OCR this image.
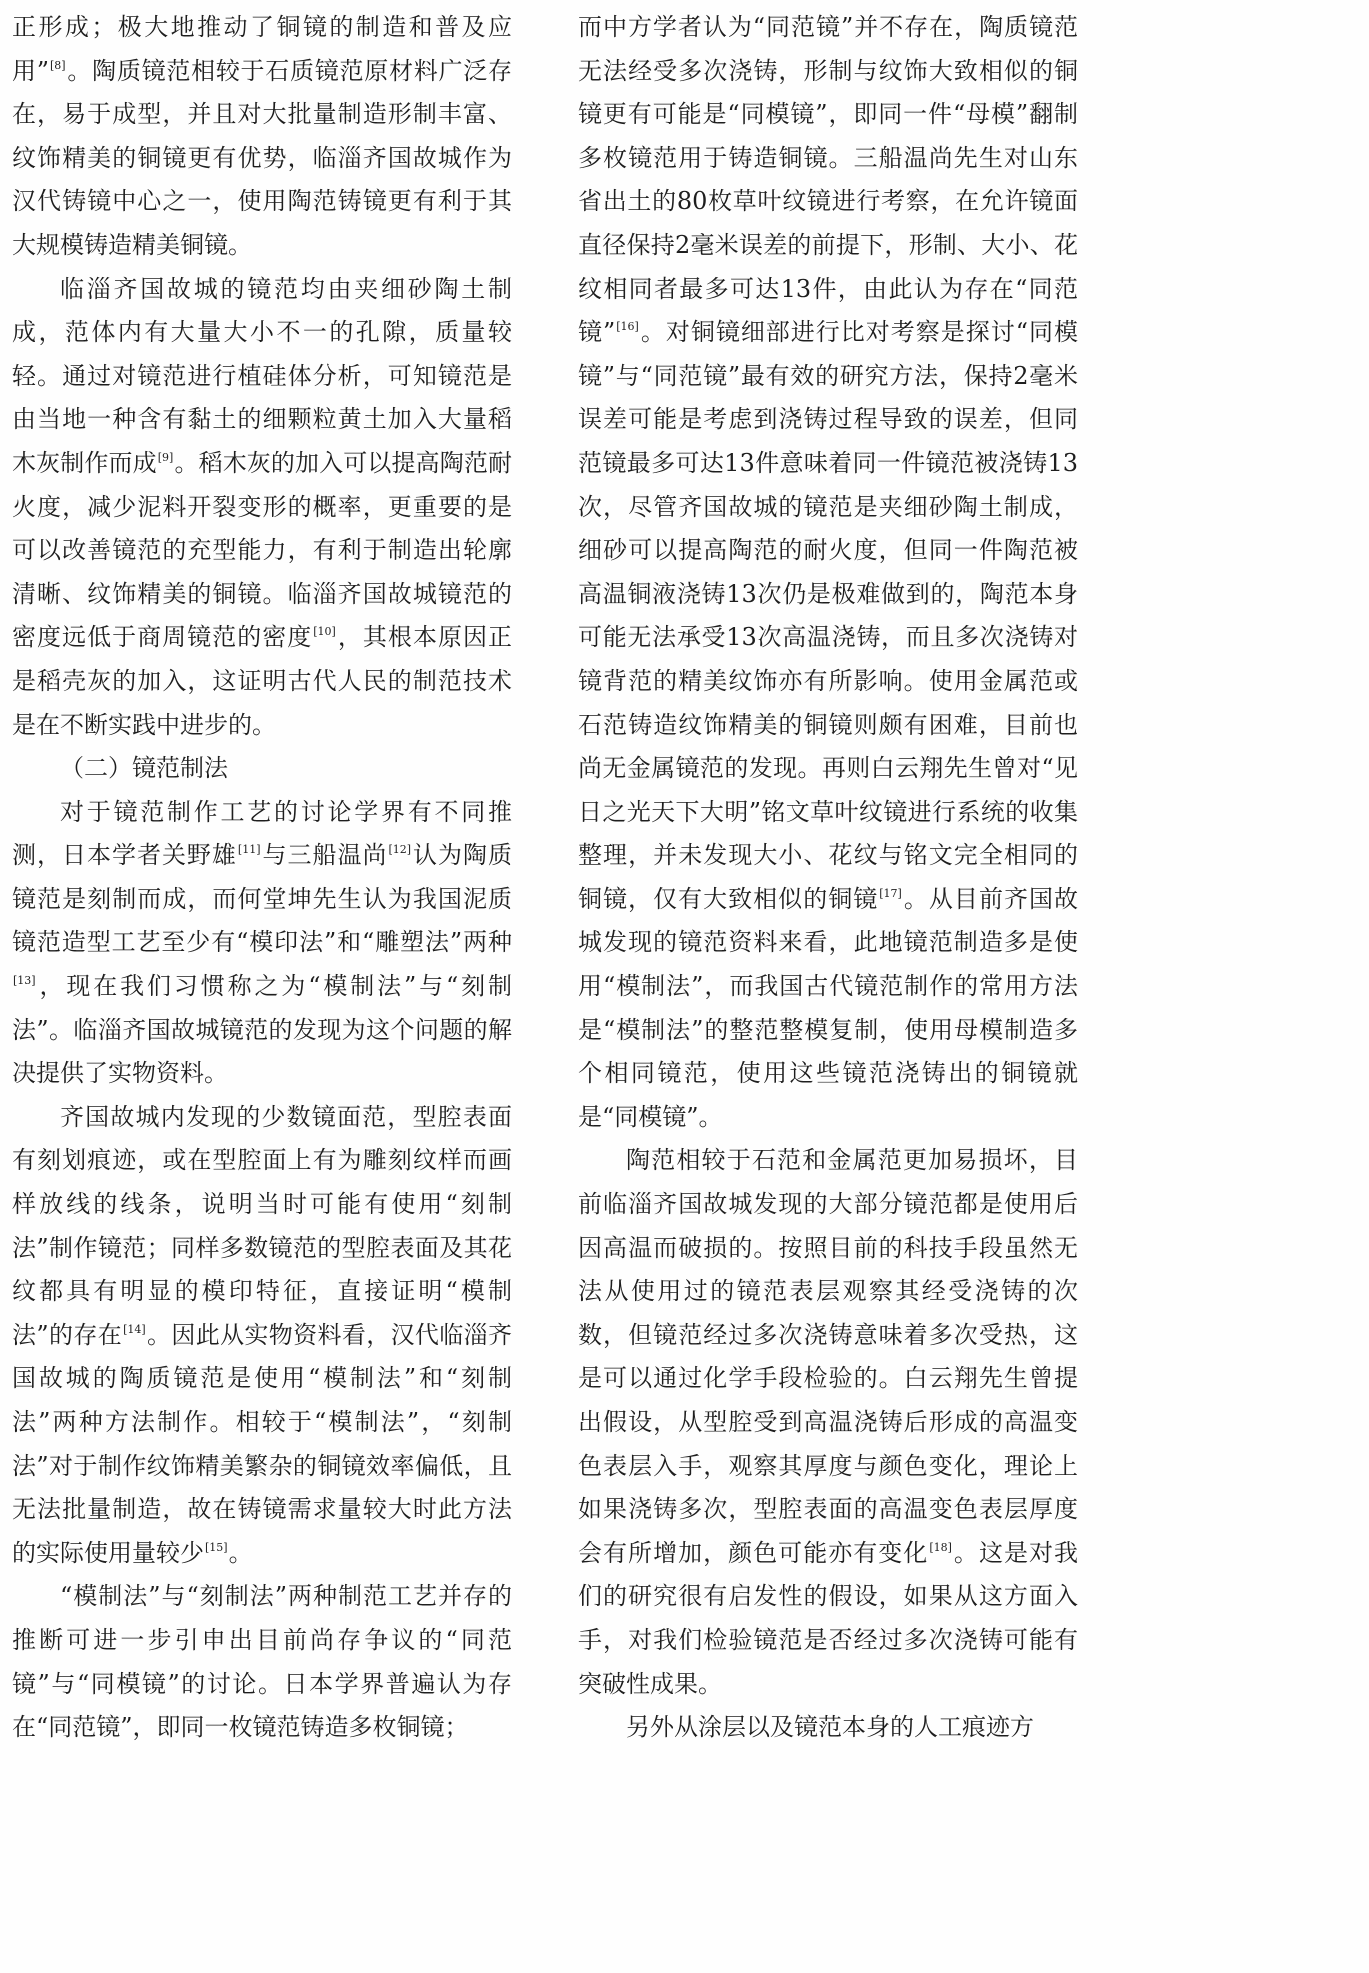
正形成；极大地推动了铜镜的制造和普及应用”[8]。陶质镜范相较于石质镜范原材料广泛存在，易于成型，并且对大批量制造形制丰富、纹饰精美的铜镜更有优势，临淄齐国故城作为汉代铸镜中心之一，使用陶范铸镜更有利于其大规模铸造精美铜镜。

临淄齐国故城的镜范均由夹细砂陶土制成，范体内有大量大小不一的孔隙，质量较轻。通过对镜范进行植硅体分析，可知镜范是由当地一种含有黏土的细颗粒黄土加入大量稻木灰制作而成[9]。稻木灰的加入可以提高陶范耐火度，减少泥料开裂变形的概率，更重要的是可以改善镜范的充型能力，有利于制造出轮廓清晰、纹饰精美的铜镜。临淄齐国故城镜范的密度远低于商周镜范的密度[10]，其根本原因正是稻壳灰的加入，这证明古代人民的制范技术是在不断实践中进步的。

（二）镜范制法

对于镜范制作工艺的讨论学界有不同推测，日本学者关野雄[11]与三船温尚[12]认为陶质镜范是刻制而成，而何堂坤先生认为我国泥质镜范造型工艺至少有“模印法”和“雕塑法”两种[13]，现在我们习惯称之为“模制法”与“刻制法”。临淄齐国故城镜范的发现为这个问题的解决提供了实物资料。

齐国故城内发现的少数镜面范，型腔表面有刻划痕迹，或在型腔面上有为雕刻纹样而画样放线的线条，说明当时可能有使用“刻制法”制作镜范；同样多数镜范的型腔表面及其花纹都具有明显的模印特征，直接证明“模制法”的存在[14]。因此从实物资料看，汉代临淄齐国故城的陶质镜范是使用“模制法”和“刻制法”两种方法制作。相较于“模制法”，“刻制法”对于制作纹饰精美繁杂的铜镜效率偏低，且无法批量制造，故在铸镜需求量较大时此方法的实际使用量较少[15]。

“模制法”与“刻制法”两种制范工艺并存的推断可进一步引申出目前尚存争议的“同范镜”与“同模镜”的讨论。日本学界普遍认为存在“同范镜”，即同一枚镜范铸造多枚铜镜；

而中方学者认为“同范镜”并不存在，陶质镜范无法经受多次浇铸，形制与纹饰大致相似的铜镜更有可能是“同模镜”，即同一件“母模”翻制多枚镜范用于铸造铜镜。三船温尚先生对山东省出土的80枚草叶纹镜进行考察，在允许镜面直径保持2毫米误差的前提下，形制、大小、花纹相同者最多可达13件，由此认为存在“同范镜”[16]。对铜镜细部进行比对考察是探讨“同模镜”与“同范镜”最有效的研究方法，保持2毫米误差可能是考虑到浇铸过程导致的误差，但同范镜最多可达13件意味着同一件镜范被浇铸13次，尽管齐国故城的镜范是夹细砂陶土制成，细砂可以提高陶范的耐火度，但同一件陶范被高温铜液浇铸13次仍是极难做到的，陶范本身可能无法承受13次高温浇铸，而且多次浇铸对镜背范的精美纹饰亦有所影响。使用金属范或石范铸造纹饰精美的铜镜则颇有困难，目前也尚无金属镜范的发现。再则白云翔先生曾对“见日之光天下大明”铭文草叶纹镜进行系统的收集整理，并未发现大小、花纹与铭文完全相同的铜镜，仅有大致相似的铜镜[17]。从目前齐国故城发现的镜范资料来看，此地镜范制造多是使用“模制法”，而我国古代镜范制作的常用方法是“模制法”的整范整模复制，使用母模制造多个相同镜范，使用这些镜范浇铸出的铜镜就是“同模镜”。

陶范相较于石范和金属范更加易损坏，目前临淄齐国故城发现的大部分镜范都是使用后因高温而破损的。按照目前的科技手段虽然无法从使用过的镜范表层观察其经受浇铸的次数，但镜范经过多次浇铸意味着多次受热，这是可以通过化学手段检验的。白云翔先生曾提出假设，从型腔受到高温浇铸后形成的高温变色表层入手，观察其厚度与颜色变化，理论上如果浇铸多次，型腔表面的高温变色表层厚度会有所增加，颜色可能亦有变化[18]。这是对我们的研究很有启发性的假设，如果从这方面入手，对我们检验镜范是否经过多次浇铸可能有突破性成果。

另外从涂层以及镜范本身的人工痕迹方
